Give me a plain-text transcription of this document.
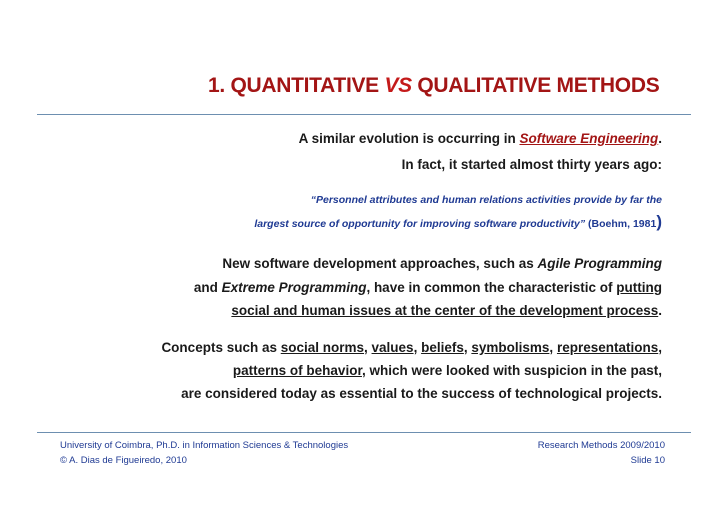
1. QUANTITATIVE VS QUALITATIVE METHODS
A similar evolution is occurring in Software Engineering.
In fact, it started almost thirty years ago:
“Personnel attributes and human relations activities provide by far the
largest source of opportunity for improving software productivity” (Boehm, 1981)
New software development approaches, such as Agile Programming
and Extreme Programming, have in common the characteristic of putting
social and human issues at the center of the development process.
Concepts such as social norms, values, beliefs, symbolisms, representations,
patterns of behavior, which were looked with suspicion in the past,
are considered today as essential to the success of technological projects.
University of Coimbra, Ph.D. in Information Sciences & Technologies
© A. Dias de Figueiredo, 2010
Research Methods 2009/2010
Slide 10
